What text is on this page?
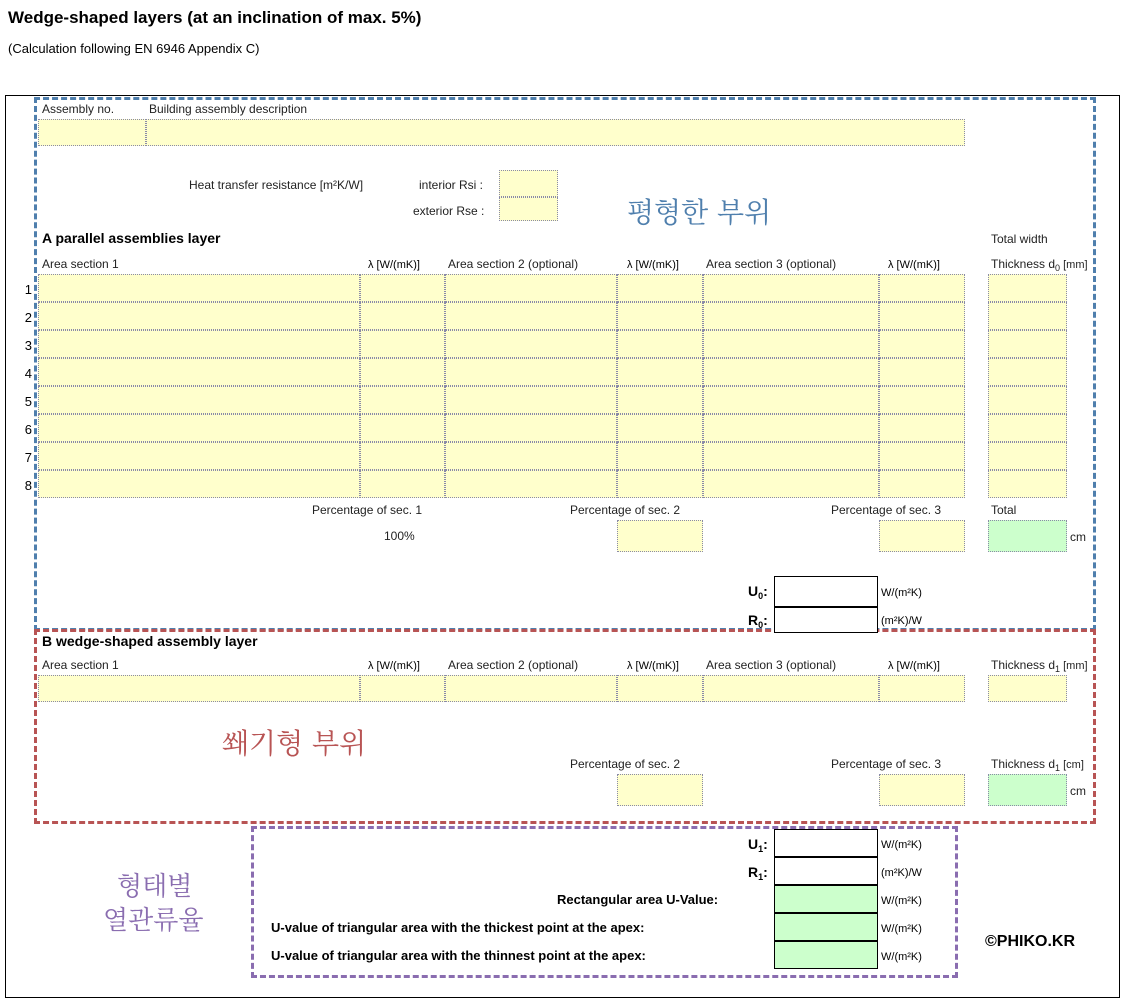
Wedge-shaped layers (at an inclination of max. 5%)
(Calculation following EN 6946 Appendix C)
Assembly no.	Building assembly description
Heat transfer resistance [m²K/W]	interior Rsi :
exterior Rse :	평형한 부위
A parallel assemblies layer	Total width
Area section 1	λ [W/(mK)] Area section 2 (optional)	λ [W/(mK)] Area section 3 (optional)	λ [W/(mK)]	Thickness $d_0$ [mm]
1
2
3
4
5
6
7
8
Percentage of sec. 1
100%
Percentage of sec. 2	Percentage of sec. 3	Total
cm
$U_0$:	W/(m²K)
$R_0$:	(m²K)/W
B wedge-shaped assembly layer
Area section 1	λ [W/(mK)] Area section 2 (optional)	λ [W/(mK)] Area section 3 (optional)	λ [W/(mK)]	Thickness $d_1$ [mm]
쐐기형 부위
Percentage of sec. 2	Percentage of sec. 3	Thickness $d_1$ [cm]
cm
형태별
열관류율
$U_1$:	W/(m²K)
$R_1$:	(m²K)/W
Rectangular area U-Value:	W/(m²K)
U-value of triangular area with the thickest point at the apex:	W/(m²K)
U-value of triangular area with the thinnest point at the apex:	W/(m²K)
©PHIKO.KR
